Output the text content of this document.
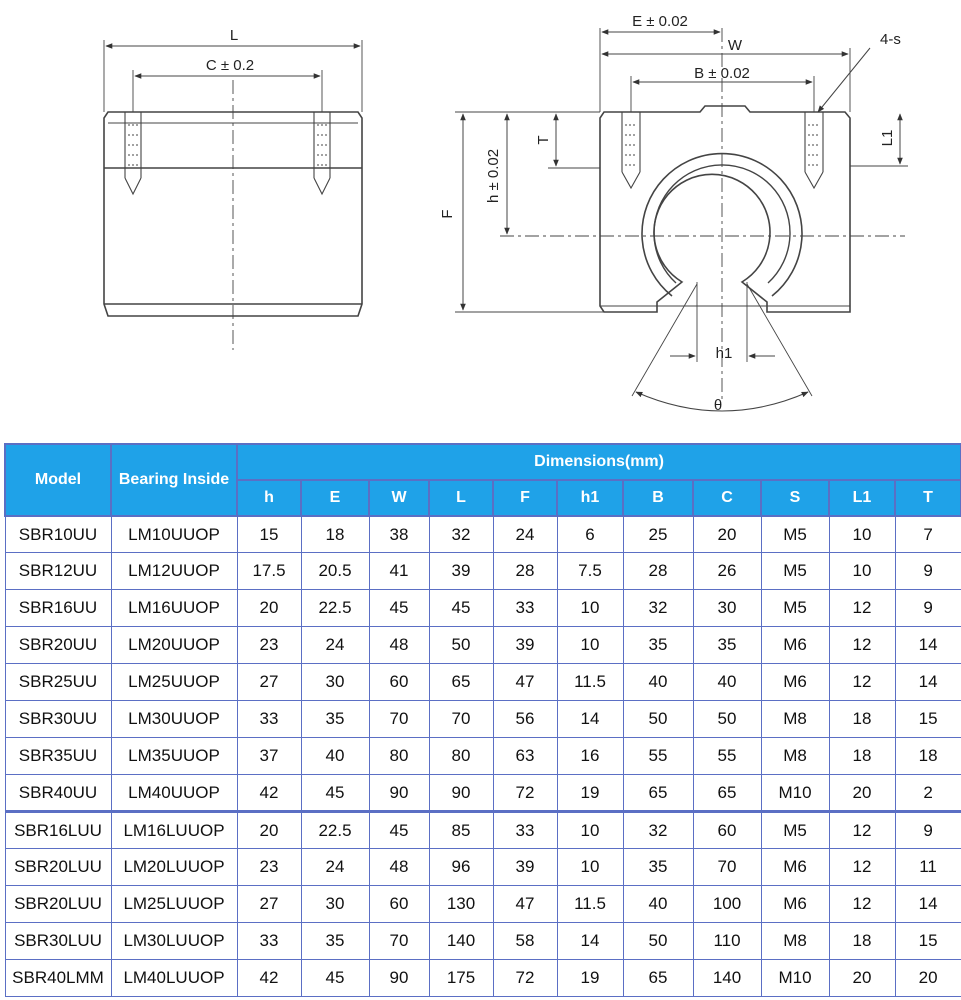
L
C ± 0.2
E ± 0.02
W
B ± 0.02
4-s
F
h ± 0.02
T	L1
h1
θ
Model	Bearing Inside	Dimensions(mm)										
		h	E	W	L	F	h1	B	C	S	L1	T
SBR10UU	LM10UUOP	15	18	38	32	24	6	25	20	M5	10	7
SBR12UU	LM12UUOP	17.5	20.5	41	39	28	7.5	28	26	M5	10	9
SBR16UU	LM16UUOP	20	22.5	45	45	33	10	32	30	M5	12	9
SBR20UU	LM20UUOP	23	24	48	50	39	10	35	35	M6	12	14
SBR25UU	LM25UUOP	27	30	60	65	47	11.5	40	40	M6	12	14
SBR30UU	LM30UUOP	33	35	70	70	56	14	50	50	M8	18	15
SBR35UU	LM35UUOP	37	40	80	80	63	16	55	55	M8	18	18
SBR40UU	LM40UUOP	42	45	90	90	72	19	65	65	M10	20	2
SBR16LUU	LM16LUUOP	20	22.5	45	85	33	10	32	60	M5	12	9
SBR20LUU	LM20LUUOP	23	24	48	96	39	10	35	70	M6	12	11
SBR20LUU	LM25LUUOP	27	30	60	130	47	11.5	40	100	M6	12	14
SBR30LUU	LM30LUUOP	33	35	70	140	58	14	50	110	M8	18	15
SBR40LMM	LM40LUUOP	42	45	90	175	72	19	65	140	M10	20	20
